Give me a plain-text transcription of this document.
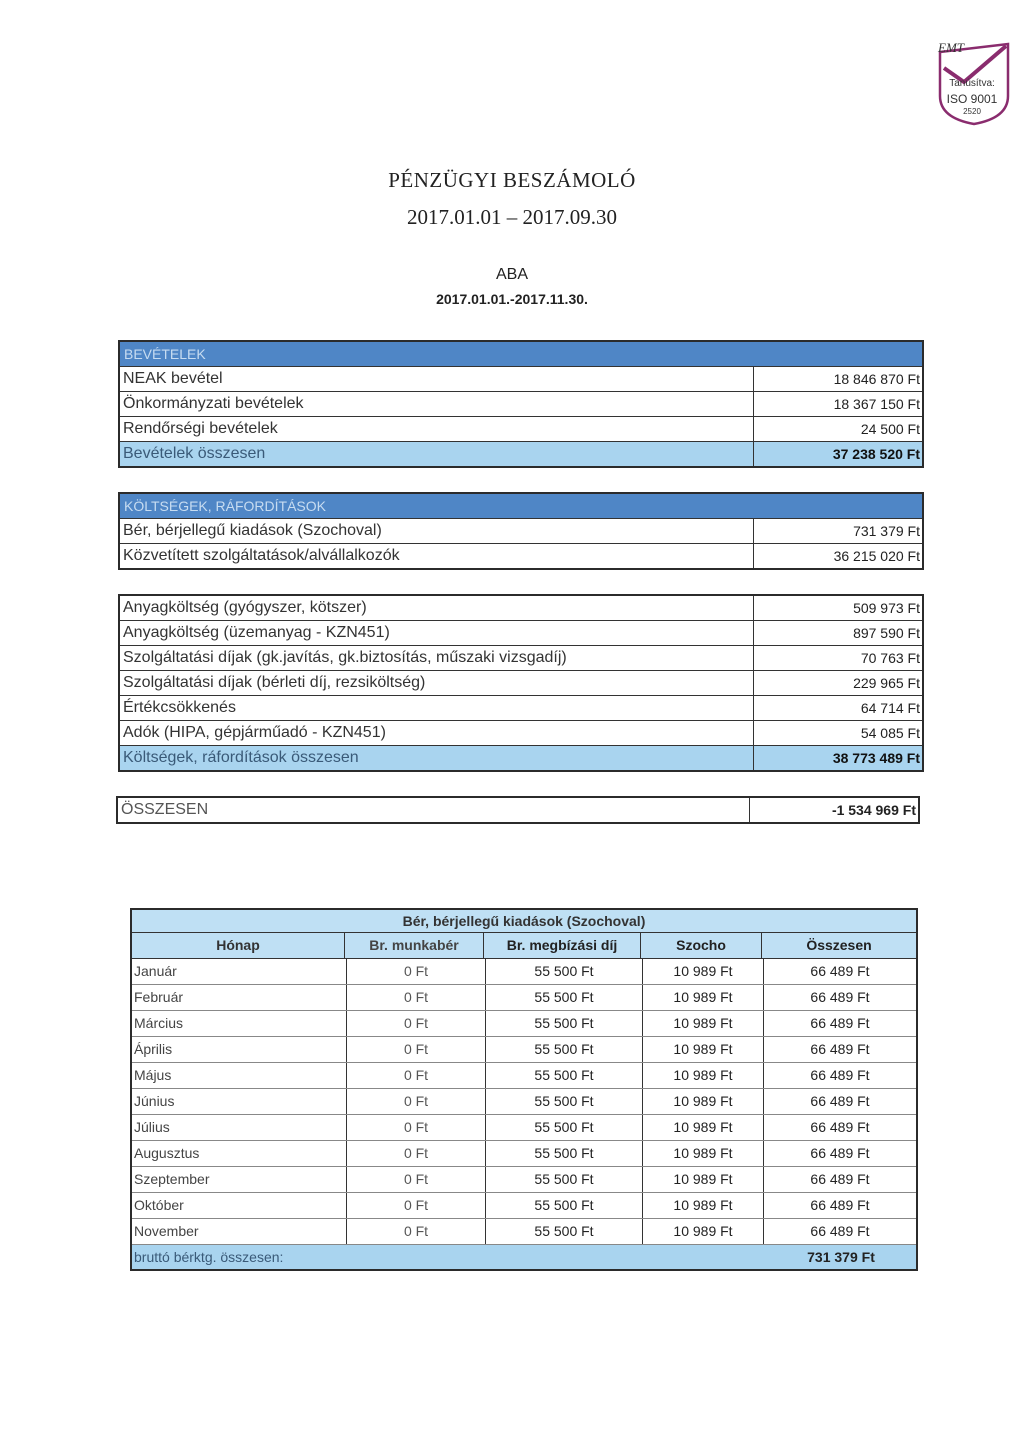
EMT
Tanúsítva:
ISO 9001
2520
PÉNZÜGYI BESZÁMOLÓ
2017.01.01 – 2017.09.30
ABA
2017.01.01.-2017.11.30.
BEVÉTELEK
NEAK bevétel	18 846 870 Ft
Önkormányzati bevételek	18 367 150 Ft
Rendőrségi bevételek	24 500 Ft
Bevételek összesen	37 238 520 Ft
KÖLTSÉGEK, RÁFORDÍTÁSOK
Bér, bérjellegű kiadások (Szochoval)	731 379 Ft
Közvetített szolgáltatások/alvállalkozók	36 215 020 Ft
Anyagköltség (gyógyszer, kötszer)	509 973 Ft
Anyagköltség (üzemanyag - KZN451)	897 590 Ft
Szolgáltatási díjak (gk.javítás, gk.biztosítás, műszaki vizsgadíj)	70 763 Ft
Szolgáltatási díjak (bérleti díj, rezsiköltség)	229 965 Ft
Értékcsökkenés	64 714 Ft
Adók (HIPA, gépjárműadó - KZN451)	54 085 Ft
Költségek, ráfordítások összesen	38 773 489 Ft
ÖSSZESEN	-1 534 969 Ft
Bér, bérjellegű kiadások (Szochoval)
Hónap	Br. munkabér	Br. megbízási díj	Szocho	Összesen
Január	0 Ft	55 500 Ft	10 989 Ft	66 489 Ft
Február	0 Ft	55 500 Ft	10 989 Ft	66 489 Ft
Március	0 Ft	55 500 Ft	10 989 Ft	66 489 Ft
Április	0 Ft	55 500 Ft	10 989 Ft	66 489 Ft
Május	0 Ft	55 500 Ft	10 989 Ft	66 489 Ft
Június	0 Ft	55 500 Ft	10 989 Ft	66 489 Ft
Július	0 Ft	55 500 Ft	10 989 Ft	66 489 Ft
Augusztus	0 Ft	55 500 Ft	10 989 Ft	66 489 Ft
Szeptember	0 Ft	55 500 Ft	10 989 Ft	66 489 Ft
Október	0 Ft	55 500 Ft	10 989 Ft	66 489 Ft
November	0 Ft	55 500 Ft	10 989 Ft	66 489 Ft
bruttó bérktg. összesen:	731 379 Ft
